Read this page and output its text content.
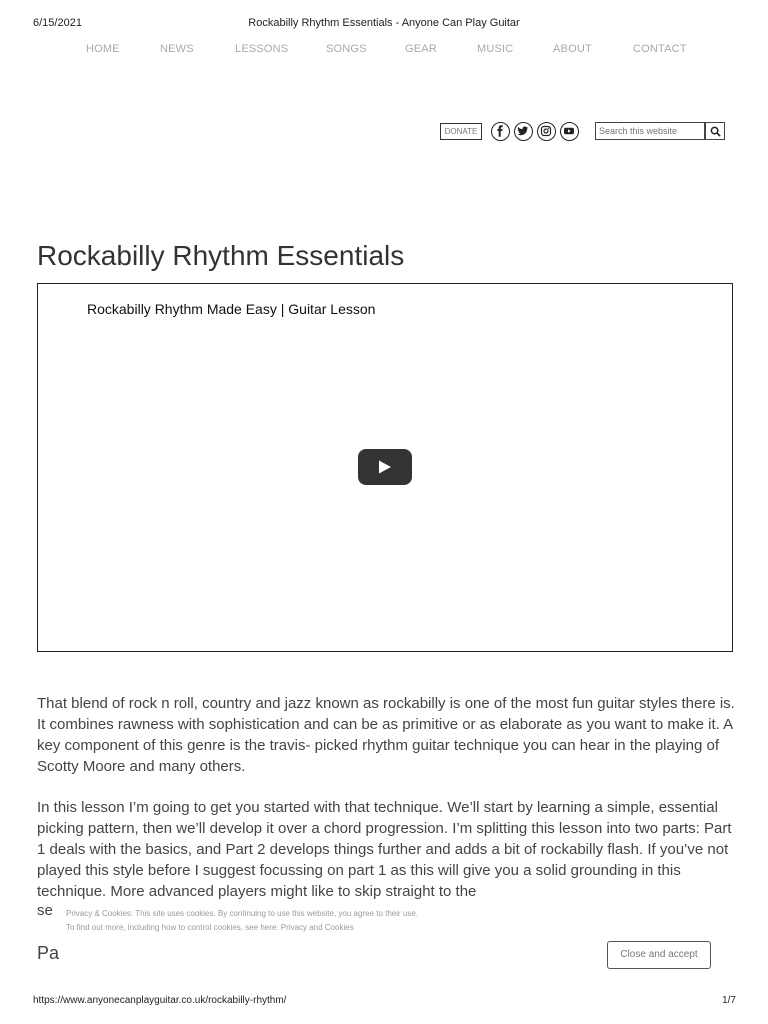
6/15/2021	Rockabilly Rhythm Essentials - Anyone Can Play Guitar
HOME	NEWS	LESSONS	SONGS	GEAR	MUSIC	ABOUT	CONTACT
DONATE
Search this website
Rockabilly Rhythm Essentials
Rockabilly Rhythm Made Easy | Guitar Lesson

That blend of rock n roll, country and jazz known as rockabilly is one of the most fun guitar styles there is. It combines rawness with sophistication and can be as primitive or as elaborate as you want to make it. A key component of this genre is the travis- picked rhythm guitar technique you can hear in the playing of Scotty Moore and many others.

In this lesson I’m going to get you started with that technique. We’ll start by learning a simple, essential picking pattern, then we’ll develop it over a chord progression. I’m splitting this lesson into two parts: Part 1 deals with the basics, and Part 2 develops things further and adds a bit of rockabilly flash. If you’ve not played this style before I suggest focussing on part 1 as this will give you a solid grounding in this technique. More advanced players might like to skip straight to the

se
Pa
Privacy & Cookies: This site uses cookies. By continuing to use this website, you agree to their use.
To find out more, including how to control cookies, see here: Privacy and Cookies
Close and accept
https://www.anyonecanplayguitar.co.uk/rockabilly-rhythm/	1/7
